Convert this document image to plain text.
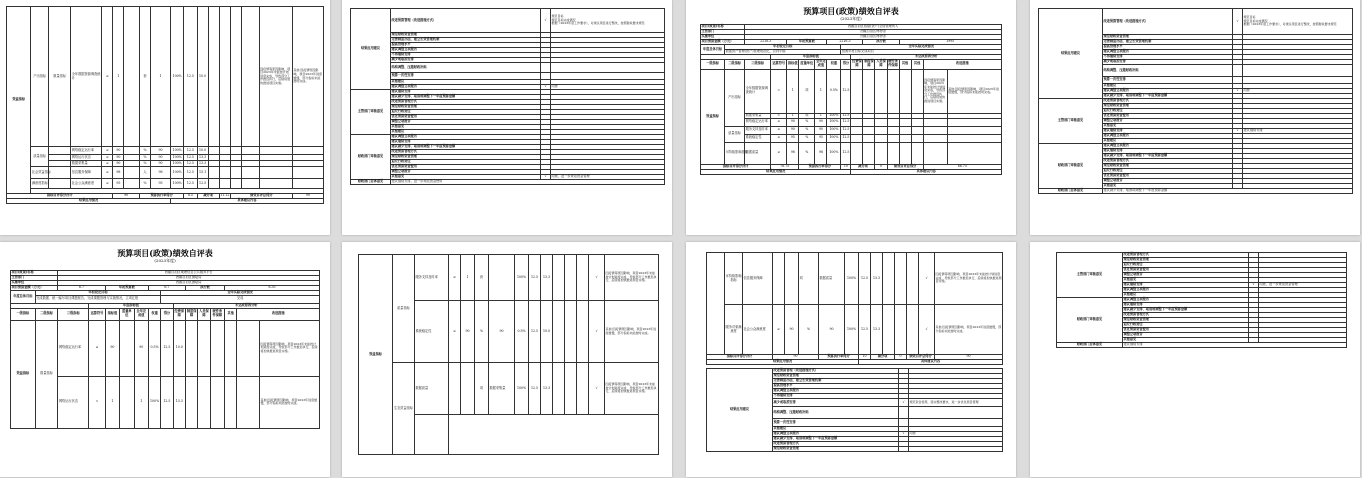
效益指标	产出指标	数量指标	全年数据资源调查统计	≥	1		套	1	100%	12.5	10.0					因疫情等原因影响，项目2023年未能按计划进度完成，导致部分工作推迟执行，后续将加快推进项目实施。	其他:因疫情原因影响，项目2023年进度缓慢，部分指标未能按时完成。
	质量指标		网络稳定运行率	≥	90		%	90	100%	12.5	10.0						
			网络运行状态	≥	90		%	90	100%	12.5	13.3						
			数据采集量	≥	90		%	90	100%	12.5	13.3						
	社会效益指标		信息服务保障	≥	98		人	98	100%	12.5	15.1						
	满意度指标		社会公众满意度	≥	95		%	95	100%	12.5	12.5						

指标自评得分合计					90		预算执行率得分			8.5	减分项		11.12	绩效自评总得分			90
结果应用情况									具体建议内容								
结果应用建议	改进预算管理（改进措施方式）	√	规范目标
规范目标完成情况
根据《2023年度工作要求》，对建议项目进行整改，按照财政要求规范
	规范财政资金管理		
	完善制度办法、建立长效管理机制		
	提高管理水平		
	建议调整立项报告		
	不再继续安排		
	减少或取消安排		
	结构调整、压缩财政补贴		
	预算一次性安排		
	其他建议		
	建议调整立项报告	√	同意
主管部门审核意见	建议继续安排		
	建议减少安排、取消或调整下一年度预算金额		
	改进预算管理方式		
	规范财政资金管理		
	追究行政责任		
	优化预算资金使用		
	调整立项报告		
	其他意见		
	其他建议		
财政部门审核意见	建议调整立项报告		
	建议继续安排		
	建议减少安排、取消或调整下一年度预算金额		
	改进预算管理方式		
	规范财政资金管理		
	追究行政责任		
	优化预算资金使用		
	调整立项报告		
	其他意见	√	同意，进一步规范资金管理
财政部门总体意见	建议继续安排，进一步规范资金使用		
预算项目(政策)绩效自评表
(2023年度)
项目(政策)名称		西藏自治区数据(资产)全面管理的入														
主管部门		西藏自治区博物馆														
实施单位		西藏自治区博物馆														
项目预算金额（万元）		2216.3		年初预算数			2216.3			执行数			1995			
年度总体目标	年初设定目标							全年实际完成情况								
	数据资产管理(资产)管理规范化，点到平稳							按照年度目标完成项目								
			年度指标值						未达成原因分析							
一级指标	二级指标	三级指标	运算符号	指标值	度量单位	全年完成值	权重	得分	经费保障	制度保障	人员保障	硬件条件保障	其他	其他	改进措施	
效益指标	产出指标	全年数据资源调查统计	=	1	项	1	0.5%	12.5							因疫情等原因影响，项目2023年未能按计划进度完成，导致部分工作推迟执行，后续将加快推进项目实施。	其他:因疫情原因影响，项目2023年进度缓慢，部分指标未能按时完成。
		数据采集量	=	1	项	1	100%	12.5								
		网络稳定运行率	≥	90	%	90	100%	12.5								
	质量指标	服务支持及时率	≥	90	%	90	100%	12.5								
		系统稳定性	≥	95	%	95	100%	12.5								
	可持续影响指标	数据质量	≥	98	%	98	100%	12.5								
指标自评得分合计			76.75		预算执行率得分			10	减分项		0	绩效自评总得分			66.75	
结果应用情况									具体建议内容							
结果应用建议	改进预算管理（改进措施方式）	√	规范目标
规范目标完成情况
根据《2023年度工作要求》，对建议项目进行整改，按照财政要求规范
	规范财政资金管理		
	完善制度办法、建立长效管理机制		
	提高管理水平		
	建议调整立项报告		
	不再继续安排		
	减少或取消安排		
	结构调整、压缩财政补贴		
	预算一次性安排		
	其他建议		
	建议调整立项报告	√	同意
	建议减少安排、取消或调整下一年度预算金额		
主管部门审核意见	改进预算管理方式		
	规范财政资金管理		
	追究行政责任		
	优化预算资金使用		
	调整立项报告		
	其他意见		
	建议继续安排	√	建议继续安排
	建议调整立项报告		
	其他建议		
财政部门审核意见	建议调整立项报告		
	建议继续安排		
	建议减少安排、取消或调整下一年度预算金额		
	改进预算管理方式		
	规范财政资金管理		
	追究行政责任		
	优化预算资金使用		
	调整立项报告		
	其他意见		
财政部门总体意见	建议减少安排、取消或调整下一年度预算金额		
预算项目(政策)绩效自评表
(2023年度)
项目(政策)名称		西藏自治区地理信息公共服务平台													
主管部门		西藏自治区测绘局													
实施单位		西藏自治区测绘局													
项目预算金额（万元）		6.7		年初预算数			6.7			执行数			6.35		
年度总体目标	年初设定目标							全年实际完成情况							
	完成数据、统一编写项目课题报告，完成课题管理与实施情况，立项汇报							完成							
			年度指标值						未达成原因分析						
一级指标	二级指标	三级指标	运算符号	指标值	度量单位	全年完成值	权重	得分	经费保障	制度保障	人员保障	硬件条件保障	其他	改进措施	
效益指标	数量指标	网络稳定运行率	≥	90		90	0.5%	12.5	10.0						因疫情等原因影响，项目2023年未能按计划进度完成，导致部分工作推迟执行，后续将加快推进项目实施。
		网络运行状态	=	1		1	100%	12.5	13.3						其他:因疫情原因影响，项目2023年进度缓慢，部分指标未能按时完成。
效益指标	质量指标	服务支持及时率	≥	1	套		100%	12.5	13.3				√	因疫情等原因影响，项目2023年未能按计划进度完成，导致部分工作推迟执行，后续将加快推进项目实施。	
		系统稳定性	≥	90	%	90	0.5%	12.5	10.0				√	其他:因疫情原因影响，项目2023年进度缓慢，部分指标未能按时完成。	
	生态效益指标	数据质量			项	数据采集量	100%	12.5	13.3				√	因疫情等原因影响，项目2023年未能按计划进度完成，导致部分工作推迟执行，后续将加快推进项目实施。	

	可持续影响指标	信息服务保障			项	数据质量	100%	12.5	13.3				√	因疫情等原因影响，项目2023年未能按计划进度完成，导致部分工作推迟执行，后续将加快推进项目实施。
	服务对象满意度	社会公众满意度	≥	90	%	90	100%	12.5	13.3				√	其他:因疫情原因影响，项目2023年进度缓慢，部分指标未能按时完成。
指标自评得分合计			90			预算执行率得分		10	减分项		0	绩效自评总得分		90
结果应用情况								具体建议内容						
结果应用建议	改进预算管理（改进措施方式）		
	规范财政资金管理		
	完善制度办法、建立长效管理机制		
	提高管理水平		
	建议调整立项报告		
	不再继续安排		
	减少或取消安排	√	规范资金使用，落实整改要求，进一步优化项目管理
	结构调整、压缩财政补贴		
	预算一次性安排		
	其他建议		
	建议调整立项报告	√	同意
	建议减少安排、取消或调整下一年度预算金额		
	改进预算管理方式		
	规范财政资金管理		
主管部门审核意见	改进预算管理方式		
	规范财政资金管理		
	追究行政责任		
	优化预算资金使用		
	调整立项报告		
	其他意见		
	建议继续安排	√	同意，进一步规范资金管理
	建议调整立项报告		
	其他建议		
财政部门审核意见	建议调整立项报告		
	建议继续安排		
	建议减少安排、取消或调整下一年度预算金额		
	改进预算管理方式		
	规范财政资金管理		
	追究行政责任		
	优化预算资金使用		
	调整立项报告		
	其他意见		
财政部门总体意见	建议继续安排		
